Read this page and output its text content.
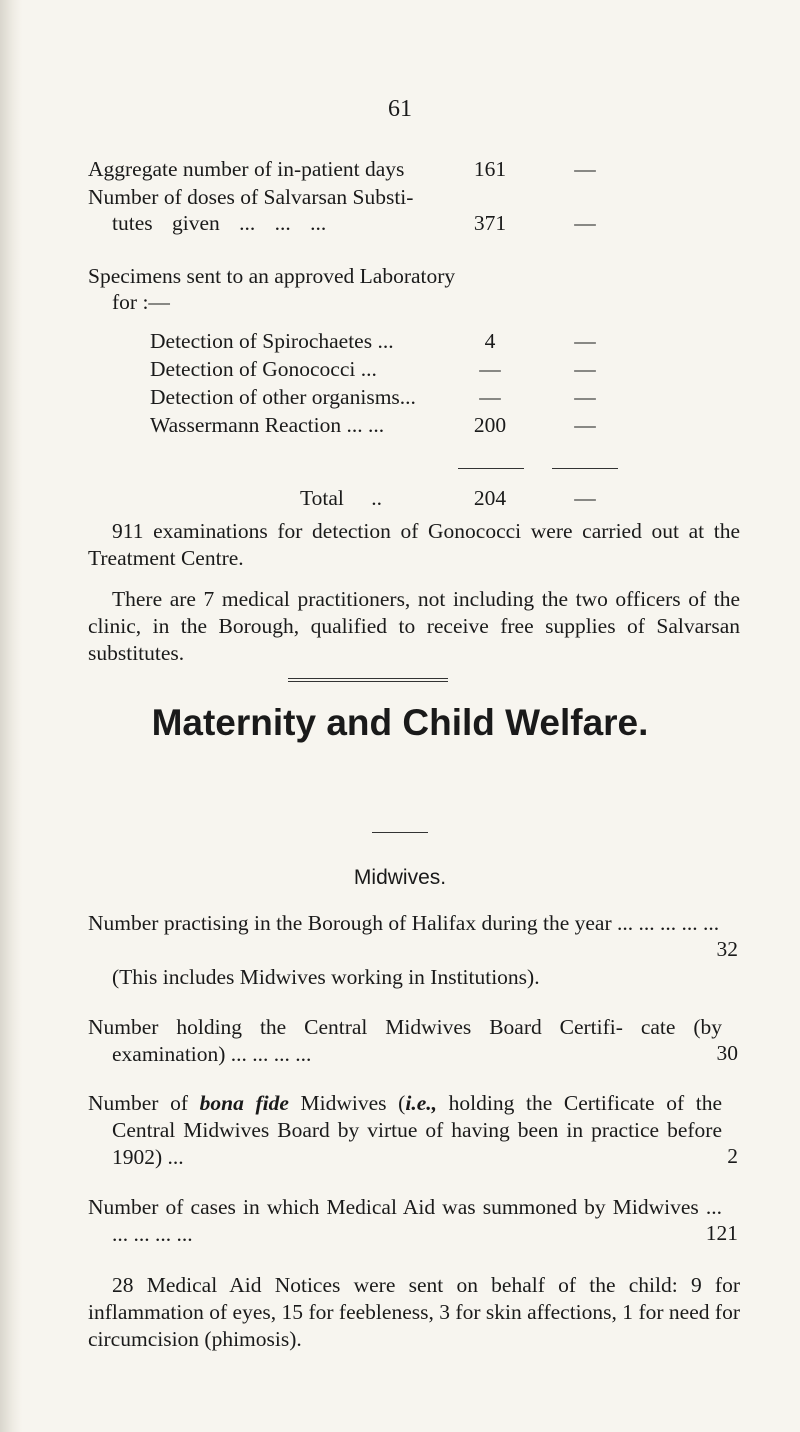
61
Aggregate number of in-patient days	161	—
Number of doses of Salvarsan Substi-
tutes given ... ... ...	371	—
Specimens sent to an approved Laboratory
for :—
Detection of Spirochaetes ...	4	—
Detection of Gonococci ...	—	—
Detection of other organisms...	—	—
Wassermann Reaction ... ...	200	—
Total ..	204	—
911 examinations for detection of Gonococci were carried out at the Treatment Centre.
There are 7 medical practitioners, not including the two officers of the clinic, in the Borough, qualified to receive free supplies of Salvarsan substitutes.
Maternity and Child Welfare.
Midwives.
Number practising in the Borough of Halifax during the year ... ... ... ... ...
32
(This includes Midwives working in Institutions).
Number holding the Central Midwives Board Certifi- cate (by examination) ... ... ... ...	30
Number of bona fide Midwives (i.e., holding the Certificate of the Central Midwives Board by virtue of having been in practice before 1902) ...	2
Number of cases in which Medical Aid was summoned by Midwives ... ... ... ... ...	121
28 Medical Aid Notices were sent on behalf of the child: 9 for inflammation of eyes, 15 for feebleness, 3 for skin affections, 1 for need for circumcision (phimosis).
